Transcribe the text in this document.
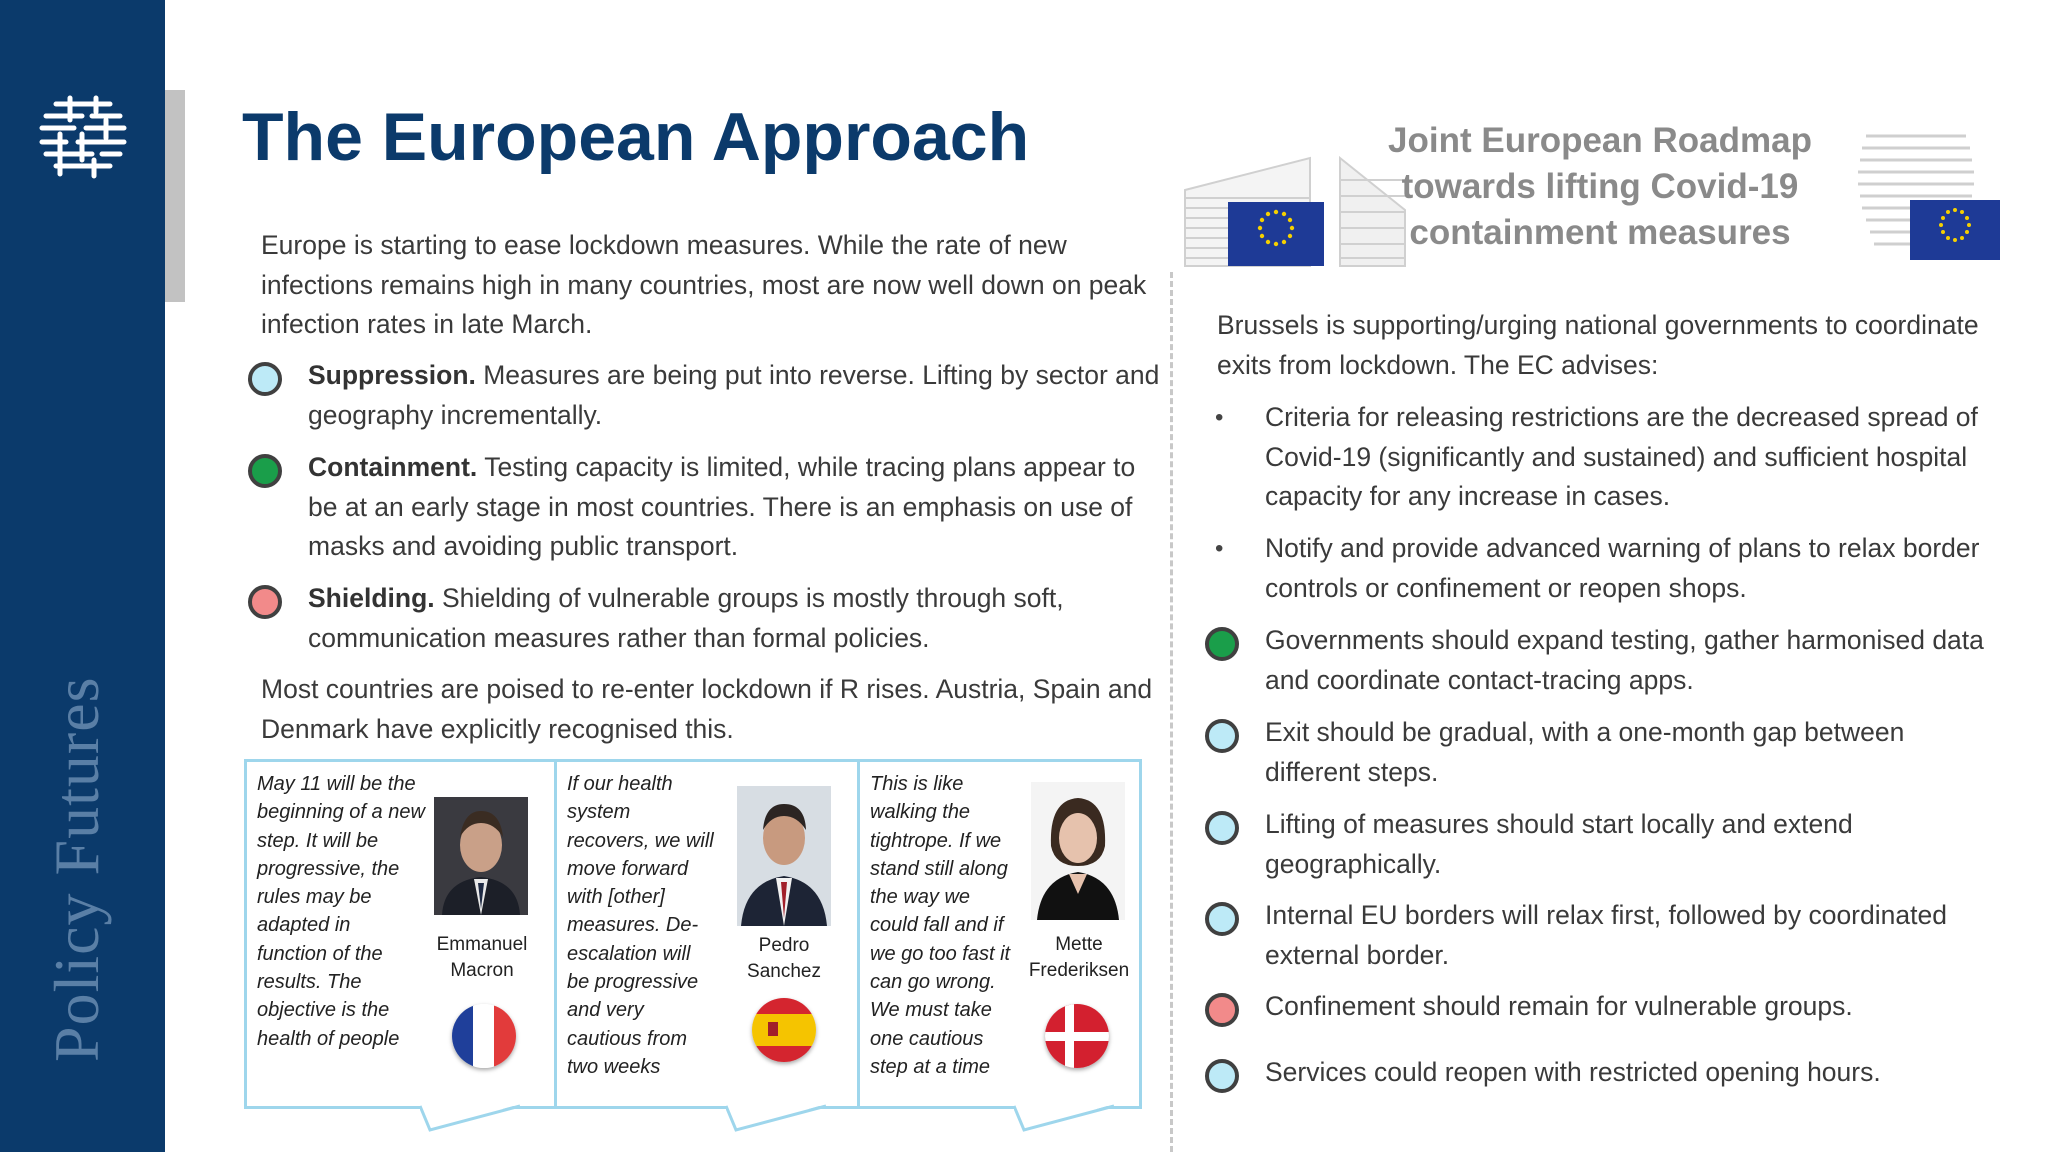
Policy Futures
The European Approach

Europe is starting to ease lockdown measures. While the rate of new infections remains high in many countries, most are now well down on peak infection rates in late March.

Suppression. Measures are being put into reverse. Lifting by sector and geography incrementally.
Containment. Testing capacity is limited, while tracing plans appear to be at an early stage in most countries. There is an emphasis on use of masks and avoiding public transport.
Shielding. Shielding of vulnerable groups is mostly through soft, communication measures rather than formal policies.

Most countries are poised to re-enter lockdown if R rises. Austria, Spain and Denmark have explicitly recognised this.

May 11 will be the beginning of a new step. It will be progressive, the rules may be adapted in function of the results. The objective is the health of people
Emmanuel
Macron
If our health system recovers, we will move forward with [other] measures. De-escalation will be progressive and very cautious from two weeks
Pedro
Sanchez
This is like walking the tightrope. If we stand still along the way we could fall and if we go too fast it can go wrong. We must take one cautious step at a time
Mette
Frederiksen
Joint European Roadmap
towards lifting Covid-19
containment measures

Brussels is supporting/urging national governments to coordinate exits from lockdown. The EC advises:

• Criteria for releasing restrictions are the decreased spread of Covid-19 (significantly and sustained) and sufficient hospital capacity for any increase in cases.
• Notify and provide advanced warning of plans to relax border controls or confinement or reopen shops.
Governments should expand testing, gather harmonised data and coordinate contact-tracing apps.
Exit should be gradual, with a one-month gap between different steps.
Lifting of measures should start locally and extend geographically.
Internal EU borders will relax first, followed by coordinated external border.
Confinement should remain for vulnerable groups.
Services could reopen with restricted opening hours.
